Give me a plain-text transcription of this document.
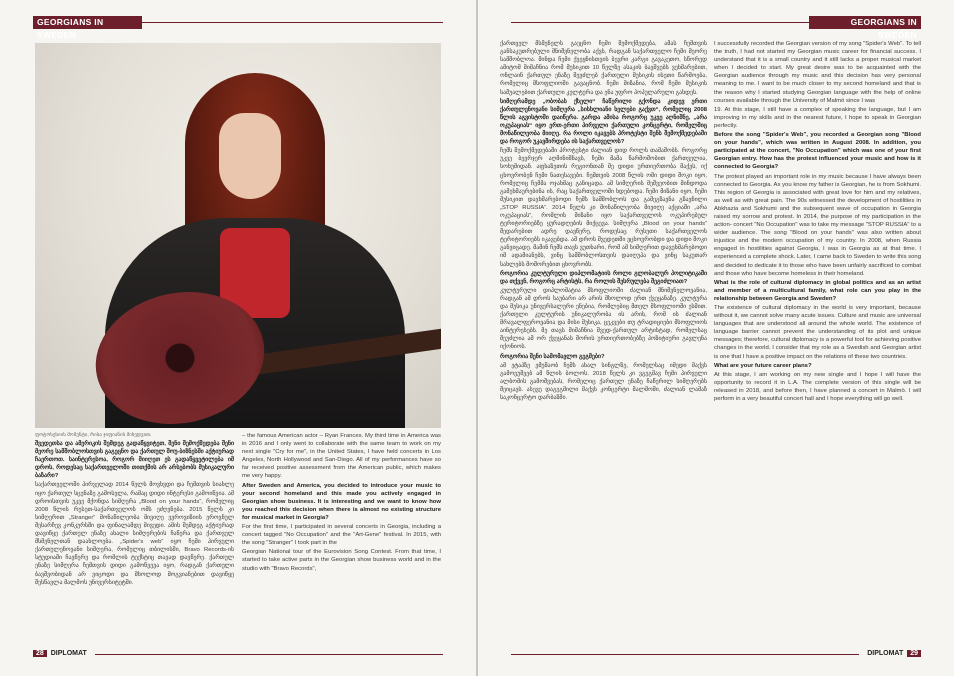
GEORGIANS IN SWEDEN
ფოტოსესიის მომენტი, რისა ჯიფიანის მიხედვით.

შვედეთსა და ამერიკის შემდეგ გადაწყვიტეთ, შენი შემოქმედება შენი მეორე სამშობლოსთვის გაგეცნო და ქართულ შოუ-ბიზნესში აქტიურად ჩაერთოთ. საინტერესოა, როგორ მიიღეთ ეს გადაწყვეტილება იმ დროს, როდესაც საქართველოში თითქმის არ არსებობს მუსიკალური ბაზარი?

საქართველოში პირველად 2014 წელს მოვხვდი და ჩემთვის სიახლე იყო ქართულ სცენაზე გამოსვლა, რამაც დიდი ინტერესი გამოიწვია. ამ დროისთვის უკვე მქონდა სიმღერა „Blood on your hands“, რომელიც 2008 წლის რუსეთ-საქართველოს ომს ეძღვნება. 2015 წელს კი სიმღერით „Stranger“ მონაწილეობა მივიღე ევროვიზიის ეროვნულ შესარჩევ კონკურსში და ფინალამდე მივედი. ამის შემდეგ აქტიურად დავიწყე ქართულ ენაზე ახალი სიმღერების ჩაწერა და ქართველ მსმენელთან დაახლოება. „Spider's web“ იყო ჩემი პირველი ქართულენოვანი სიმღერა, რომელიც თბილისში, Bravo Records-ის სტუდიაში ჩავწერე და რომლის ტექსტიც თავად დავწერე. ქართულ ენაზე სიმღერა ჩემთვის დიდი გამოწვევა იყო, რადგან ქართული ბავშვობიდან არ ვიცოდი და მხოლოდ მოგვიანებით დავიწყე შესწავლა მალმოს უნივერსიტეტში.

– the famous American actor – Ryan Frances. My third time in America was in 2016 and I only went to collaborate with the same team to work on my next single "Cry for me", in the United States, I have held concerts in Los Angeles, North Hollywood and San-Diego. All of my performances have so far received positive assessment from the American public, which makes me very happy.

After Sweden and America, you decided to introduce your music to your second homeland and this made you actively engaged in Georgian show business. It is interesting and we want to know how you reached this decision when there is almost no existing structure for musical market in Georgia?

For the first time, I participated in several concerts in Georgia, including a concert tagged "No Occupation" and the "Art-Gene" festival. In 2015, with the song "Stranger" I took part in the

Georgian National tour of the Eurovision Song Contest. From that time, I started to take active parts in the Georgian show business world and in the studio with "Bravo Records",

28 DIPLOMAT
GEORGIANS IN SWEDEN

ქართველ მსმენელს გაეცნო ჩემი შემოქმედება, ამას ჩემთვის განსაკუთრებული მნიშვნელობა აქვს, რადგან საქართველო ჩემი მეორე სამშობლოა. მინდა ჩემი ქვეყნისთვის ბევრი კარგი გავაკეთო, სწორედ ამიტომ მიმაჩნია რომ მუსიკით 10 წელზე ასაკის ბავშვებს ვეხმარებით, ონლაინ ქართულ ენაზე შევძლებ ქართული მუსიკის ისეთი წარმოება, რომელიც მსოფლიოში გავაცნობ. ჩემი მიზანია, რომ ჩემი მუსიკის საშუალებით ქართული კულტურა და ენა უფრო პოპულარული გახდეს.

სიმღერამდე „ობობას ქსელი“ ჩაწერილი გქონდა კიდევ ერთი ქართულენოვანი სიმღერა „სისხლიანი ხელები გაქვთ“, რომელიც 2008 წლის აგვისტოში დაიწერა. გარდა ამისა როგორც უკვე აღნიშნე, „არა ოკუპაციას“ იყო ერთ-ერთი პირველი ქართული კონცერტი, რომელშიც მონაწილეობა მიიღე. რა როლი იკავებს პროტესტი შენს შემოქმედებაში და როგორ უკავშირდება ის საქართველოს?

ჩემს შემოქმედებაში პროტესტი ძალიან დიდ როლს თამაშობს. როგორც უკვე ბევრჯერ აღმინიშნავს, ჩემი მამა წარმოშობით ქართველია, სოხუმიდან. აფხაზეთის რეგიონთან მე დიდი ურთიერთობა მაქვს, იქ ცხოვრობენ ჩემი ნათესავები. ჩემთვის 2008 წლის ომი დიდი შოკი იყო, რომელიც ჩემმა ოჯახმაც განიცადა. ამ სიმღერის მეშვეობით მინდოდა გამეხმაურებინა ის, რაც საქართველოში ხდებოდა. ჩემი მიზანი იყო, ჩემი მუსიკით დავხმარებოდი ჩემს სამშობლოს და გამეგზავნა გზავნილი „STOP RUSSIA“. 2014 წელს კი მონაწილეობა მივიღე აქციაში „არა ოკუპაციას“, რომლის მიზანი იყო საქართველოს ოკუპირებულ ტერიტორიებზე ყურადღების მიქცევა. სიმღერა „Blood on your hands“ შედარებით ადრე დავწერე, როდესაც რუსეთი საქართველოს ტერიტორიებს იკავებდა. ამ დროს შვედეთში ვცხოვრობდი და დიდი შოკი განვიცადე. მაშინ ჩემს თავს ვუთხარი, რომ ამ სიმღერით დავეხმარებოდი იმ ადამიანებს, ვინც სამშობლოსთვის დაიღუპა და ვინც საკუთარ სახლებს მოშორებით ცხოვრობს.

როგორია კულტურული დიპლომატიის როლი გლობალურ პოლიტიკაში და თქვენ, როგორც არტისტს, რა როლის შესრულება შეგიძლიათ?

კულტურული დიპლომატია მსოფლიოში ძალიან მნიშვნელოვანია, რადგან ამ დროს საუბარი არ არის მხოლოდ ერთ ქვეყანაზე. კულტურა და მუსიკა უნივერსალური ენებია, რომლებიც მთელ მსოფლიოში ესმით. ქართული კულტურის უნიკალურობა ის არის, რომ ის ძალიან მრავალფეროვანია და მისი მუსიკა, ცეკვები თუ ტრადიციები მსოფლიოს აინტერესებს. მე თავს მიმაჩნია შვედ-ქართულ არტისტად, რომელსაც შეუძლია ამ ორ ქვეყანას შორის ურთიერთობებზე პოზიტიური გავლენა იქონიოს.

როგორია შენი სამომავლო გეგმები?

ამ ეტაპზე ვმუშაობ ჩემს ახალ სინგლზე, რომელსაც იმედი მაქვს გამოვუშვებ ამ წლის ბოლოს. 2018 წელს კი ვგეგმავ ჩემი პირველი ალბომის გამოშვებას, რომელიც ქართულ ენაზე ჩაწერილ სიმღერებს შეიცავს. ასევე დაგეგმილი მაქვს კონცერტი მალმოში, ძალიან ლამაზ საკონცერტო დარბაზში.

I successfully recorded the Georgian version of my song "Spider's Web". To tell the truth, I had not started my Georgian music career for financial success. I understand that it is a small country and it still lacks a proper musical market when I decided to start. My great desire was to be acquainted with the Georgian audience through my music and this decision has very personal meaning to me. I want to be much closer to my second homeland and that is the reason why I started studying Georgian language with the help of online courses available through the University of Malmö since I was

19. At this stage, I still have a complex of speaking the language, but I am improving in my skills and in the nearest future, I hope to speak in Georgian perfectly.

Before the song "Spider's Web", you recorded a Georgian song "Blood on your hands", which was written in August 2008. In addition, you participated at the concert, "No Occupation" which was one of your first Georgian entry. How has the protest influenced your music and how is it connected to Georgia?

The protest played an important role in my music because I have always been connected to Georgia. As you know my father is Georgian, he is from Sokhumi. This region of Georgia is associated with great love for him and my relatives, as well as with great pain. The 90s witnessed the development of hostilities in Abkhazia and Sokhumi and the subsequent wave of occupation in Georgia raised my sorrow and protest. In 2014, the purpose of my participation in the action- concert "No Occupation" was to take my message "STOP RUSSIA" to a wider audience. The song "Blood on your hands" was also written about injustice and the modern occupation of my country. In 2008, when Russia engaged in hostilities against Georgia, I was in Georgia as at that time. I experienced a complete shock. Later, I came back to Sweden to write this song and decided to dedicate it to those who have been unfairly sacrificed to combat and those who have become homeless in their homeland.

What is the role of cultural diplomacy in global politics and as an artist and member of a multicultural family, what role can you play in the relationship between Georgia and Sweden?

The existence of cultural diplomacy in the world is very important, because without it, we cannot solve many acute issues. Culture and music are universal languages that are understood all around the whole world. The existence of language barrier cannot prevent the understanding of its plot and unique messages; therefore, cultural diplomacy is a powerful tool for achieving positive changes in the world. I consider that my role as a Swedish and Georgian artist is one that I have a positive impact on the relations of these two countries.

What are your future career plans?

At this stage, I am working on my new single and I hope I will have the opportunity to record it in L.A. The complete version of this single will be released in 2018, and before then, I have planned a concert in Malmö. I will perform in a very beautiful concert hall and I hope everything will go well.

DIPLOMAT 29
